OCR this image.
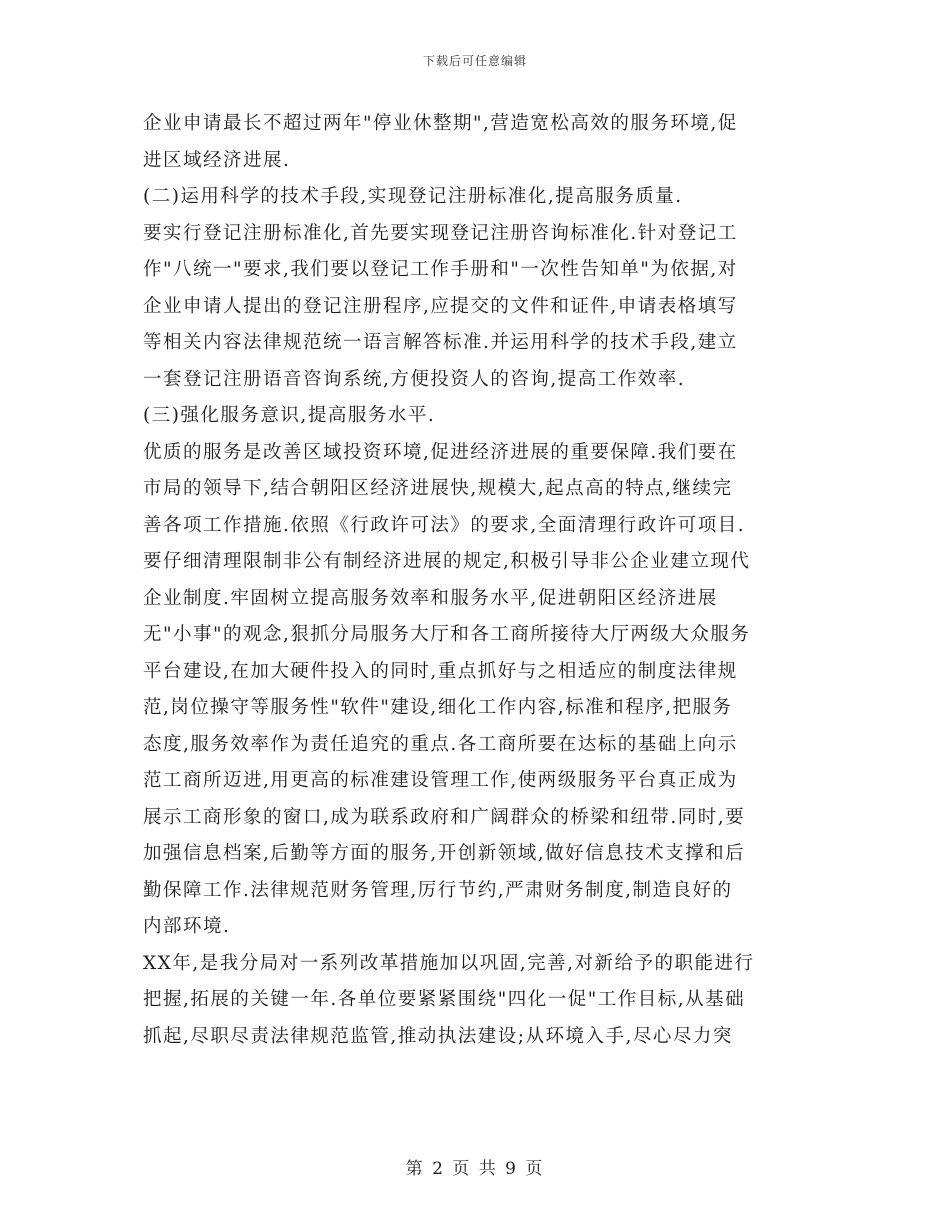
下载后可任意编辑
企业申请最长不超过两年"停业休整期",营造宽松高效的服务环境,促
进区域经济进展.
(二)运用科学的技术手段,实现登记注册标准化,提高服务质量.
要实行登记注册标准化,首先要实现登记注册咨询标准化.针对登记工
作"八统一"要求,我们要以登记工作手册和"一次性告知单"为依据,对
企业申请人提出的登记注册程序,应提交的文件和证件,申请表格填写
等相关内容法律规范统一语言解答标准.并运用科学的技术手段,建立
一套登记注册语音咨询系统,方便投资人的咨询,提高工作效率.
(三)强化服务意识,提高服务水平.
优质的服务是改善区域投资环境,促进经济进展的重要保障.我们要在
市局的领导下,结合朝阳区经济进展快,规模大,起点高的特点,继续完
善各项工作措施.依照《行政许可法》的要求,全面清理行政许可项目.
要仔细清理限制非公有制经济进展的规定,积极引导非公企业建立现代
企业制度.牢固树立提高服务效率和服务水平,促进朝阳区经济进展
无"小事"的观念,狠抓分局服务大厅和各工商所接待大厅两级大众服务
平台建设,在加大硬件投入的同时,重点抓好与之相适应的制度法律规
范,岗位操守等服务性"软件"建设,细化工作内容,标准和程序,把服务
态度,服务效率作为责任追究的重点.各工商所要在达标的基础上向示
范工商所迈进,用更高的标准建设管理工作,使两级服务平台真正成为
展示工商形象的窗口,成为联系政府和广阔群众的桥梁和纽带.同时,要
加强信息档案,后勤等方面的服务,开创新领域,做好信息技术支撑和后
勤保障工作.法律规范财务管理,厉行节约,严肃财务制度,制造良好的
内部环境.
XX年,是我分局对一系列改革措施加以巩固,完善,对新给予的职能进行
把握,拓展的关键一年.各单位要紧紧围绕"四化一促"工作目标,从基础
抓起,尽职尽责法律规范监管,推动执法建设;从环境入手,尽心尽力突
第 2 页 共 9 页
